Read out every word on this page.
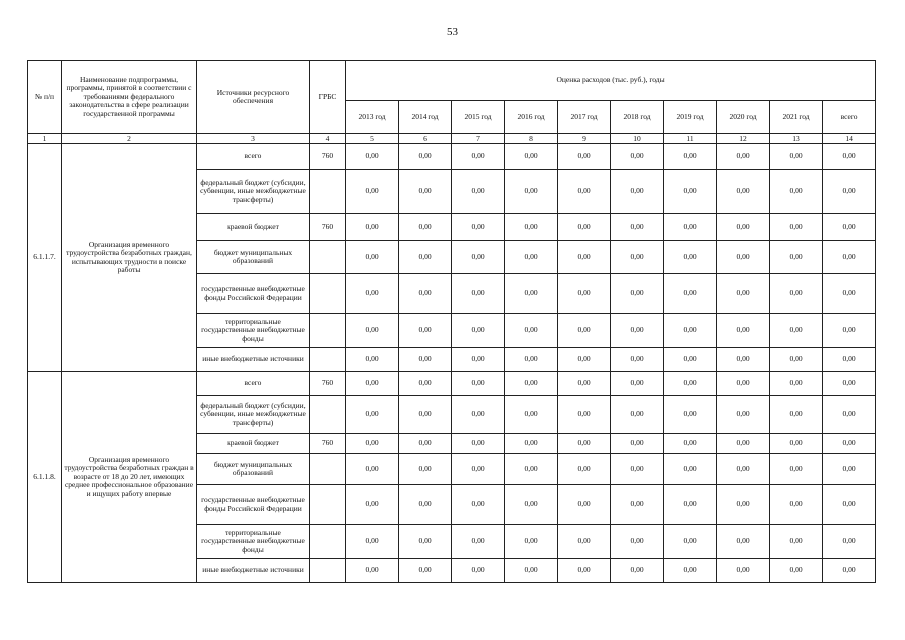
53
№ п/п	Наименование подпрограммы, программы, принятой в соответствии с требованиями федерального законодательства в сфере реализации государственной программы	Источники ресурсного обеспечения	ГРБС	Оценка расходов (тыс. руб.), годы									
				2013 год	2014 год	2015 год	2016 год	2017 год	2018 год	2019 год	2020 год	2021 год	всего
1	2	3	4	5	6	7	8	9	10	11	12	13	14
6.1.1.7.	Организация временного трудоустройства безработных граждан, испытывающих трудности в поиске работы	всего	760	0,00	0,00	0,00	0,00	0,00	0,00	0,00	0,00	0,00	0,00
		федеральный бюджет (субсидии, субвенции, иные межбюджетные трансферты)		0,00	0,00	0,00	0,00	0,00	0,00	0,00	0,00	0,00	0,00
		краевой бюджет	760	0,00	0,00	0,00	0,00	0,00	0,00	0,00	0,00	0,00	0,00
		бюджет муниципальных образований		0,00	0,00	0,00	0,00	0,00	0,00	0,00	0,00	0,00	0,00
		государственные внебюджетные фонды Российской Федерации		0,00	0,00	0,00	0,00	0,00	0,00	0,00	0,00	0,00	0,00
		территориальные государственные внебюджетные фонды		0,00	0,00	0,00	0,00	0,00	0,00	0,00	0,00	0,00	0,00
		иные внебюджетные источники		0,00	0,00	0,00	0,00	0,00	0,00	0,00	0,00	0,00	0,00
6.1.1.8.	Организация временного трудоустройства безработных граждан в возрасте от 18 до 20 лет, имеющих среднее профессиональное образование и ищущих работу впервые	всего	760	0,00	0,00	0,00	0,00	0,00	0,00	0,00	0,00	0,00	0,00
		федеральный бюджет (субсидии, субвенции, иные межбюджетные трансферты)		0,00	0,00	0,00	0,00	0,00	0,00	0,00	0,00	0,00	0,00
		краевой бюджет	760	0,00	0,00	0,00	0,00	0,00	0,00	0,00	0,00	0,00	0,00
		бюджет муниципальных образований		0,00	0,00	0,00	0,00	0,00	0,00	0,00	0,00	0,00	0,00
		государственные внебюджетные фонды Российской Федерации		0,00	0,00	0,00	0,00	0,00	0,00	0,00	0,00	0,00	0,00
		территориальные государственные внебюджетные фонды		0,00	0,00	0,00	0,00	0,00	0,00	0,00	0,00	0,00	0,00
		иные внебюджетные источники		0,00	0,00	0,00	0,00	0,00	0,00	0,00	0,00	0,00	0,00
